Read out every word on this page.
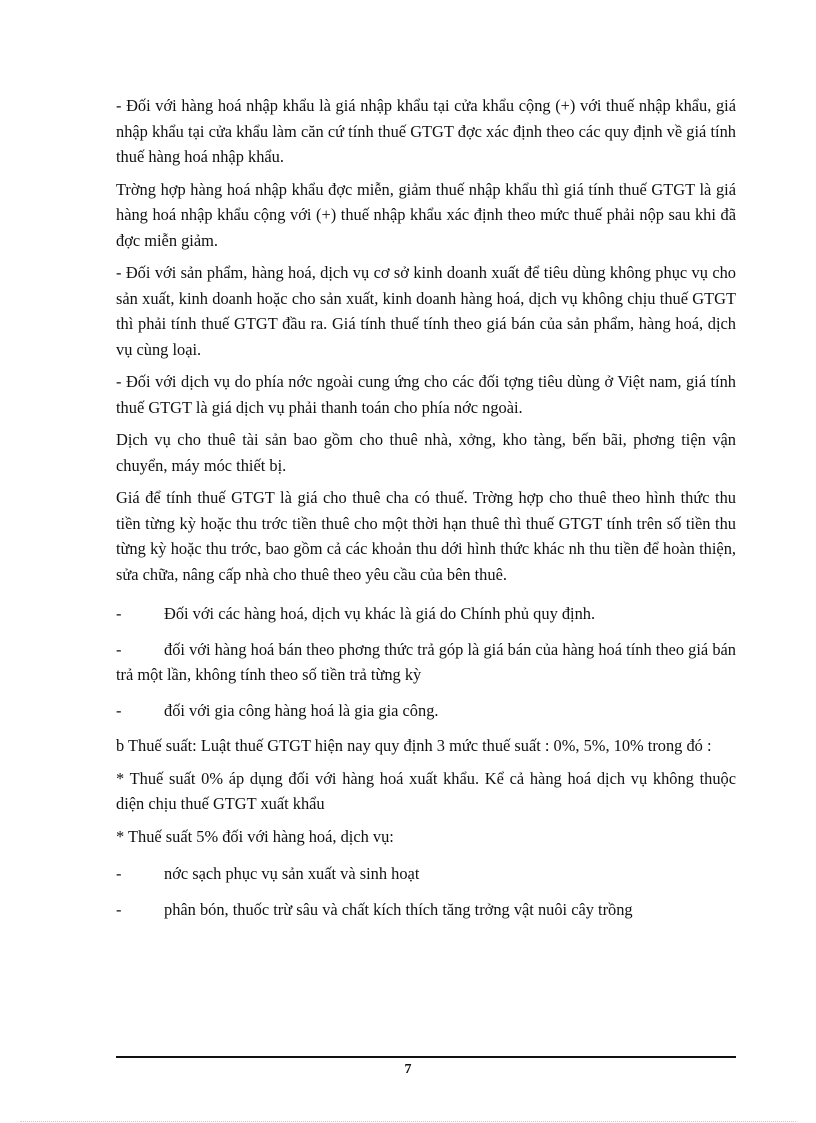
- Đối với hàng hoá nhập khẩu là giá nhập khẩu tại cửa khẩu cộng (+) với thuế nhập khẩu, giá nhập khẩu tại cửa khẩu làm căn cứ tính thuế GTGT đợc xác định theo các quy định về giá tính thuế hàng hoá nhập khẩu.

Trờng hợp hàng hoá nhập khẩu đợc miễn, giảm thuế nhập khẩu thì giá tính thuế GTGT là giá hàng hoá nhập khẩu cộng với (+) thuế nhập khẩu xác định theo mức thuế phải nộp sau khi đã đợc miễn giảm.

- Đối với sản phẩm, hàng hoá, dịch vụ cơ sở kinh doanh xuất để tiêu dùng không phục vụ cho sản xuất, kinh doanh hoặc cho sản xuất, kinh doanh hàng hoá, dịch vụ không chịu thuế GTGT thì phải tính thuế GTGT đầu ra. Giá tính thuế tính theo giá bán của sản phẩm, hàng hoá, dịch vụ cùng loại.

- Đối với dịch vụ do phía nớc ngoài cung ứng cho các đối tợng tiêu dùng ở Việt nam, giá tính thuế GTGT là giá dịch vụ phải thanh toán cho phía nớc ngoài.

Dịch vụ cho thuê tài sản bao gồm cho thuê nhà, xởng, kho tàng, bến bãi, phơng tiện vận chuyển, máy móc thiết bị.

Giá để tính thuế GTGT là giá cho thuê cha có thuế. Trờng hợp cho thuê theo hình thức thu tiền từng kỳ hoặc thu trớc tiền thuê cho một thời hạn thuê thì thuế GTGT tính trên số tiền thu từng kỳ hoặc thu trớc, bao gồm cả các khoản thu dới hình thức khác nh thu tiền để hoàn thiện, sửa chữa, nâng cấp nhà cho thuê theo yêu cầu của bên thuê.

-	Đối với các hàng hoá, dịch vụ khác là giá do Chính phủ quy định.
-	đối với hàng hoá bán theo phơng thức trả góp là giá bán của hàng hoá tính theo giá bán trả một lần, không tính theo số tiền trả từng kỳ
-	đối với gia công hàng hoá là gia gia công.

b Thuế suất: Luật thuế GTGT hiện nay quy định 3 mức thuế suất : 0%, 5%, 10% trong đó :

* Thuế suất 0% áp dụng đối với hàng hoá xuất khẩu. Kể cả hàng hoá dịch vụ không thuộc diện chịu thuế GTGT xuất khẩu

* Thuế suất 5% đối với hàng hoá, dịch vụ:

-	nớc sạch phục vụ sản xuất và sinh hoạt
-	phân bón, thuốc trừ sâu và chất kích thích tăng trởng vật nuôi cây trồng
7
